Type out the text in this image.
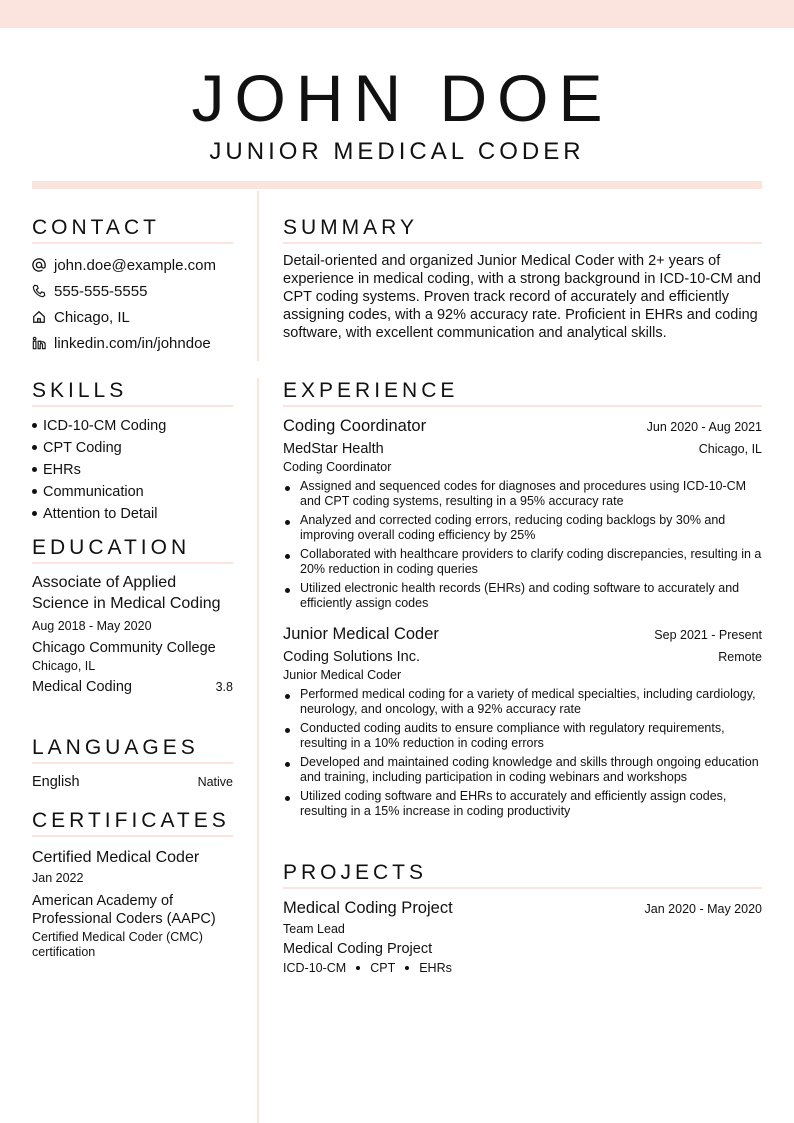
JOHN DOE
JUNIOR MEDICAL CODER
CONTACT
john.doe@example.com
555-555-5555
Chicago, IL
linkedin.com/in/johndoe
SKILLS
ICD-10-CM Coding
CPT Coding
EHRs
Communication
Attention to Detail
EDUCATION
Associate of Applied Science in Medical Coding
Aug 2018 - May 2020
Chicago Community College
Chicago, IL
Medical Coding	3.8
LANGUAGES
English	Native
CERTIFICATES
Certified Medical Coder
Jan 2022
American Academy of Professional Coders (AAPC)
Certified Medical Coder (CMC) certification
SUMMARY
Detail-oriented and organized Junior Medical Coder with 2+ years of experience in medical coding, with a strong background in ICD-10-CM and CPT coding systems. Proven track record of accurately and efficiently assigning codes, with a 92% accuracy rate. Proficient in EHRs and coding software, with excellent communication and analytical skills.
EXPERIENCE
Coding Coordinator	Jun 2020 - Aug 2021
MedStar Health	Chicago, IL
Coding Coordinator
Assigned and sequenced codes for diagnoses and procedures using ICD-10-CM and CPT coding systems, resulting in a 95% accuracy rate
Analyzed and corrected coding errors, reducing coding backlogs by 30% and improving overall coding efficiency by 25%
Collaborated with healthcare providers to clarify coding discrepancies, resulting in a 20% reduction in coding queries
Utilized electronic health records (EHRs) and coding software to accurately and efficiently assign codes
Junior Medical Coder	Sep 2021 - Present
Coding Solutions Inc.	Remote
Junior Medical Coder
Performed medical coding for a variety of medical specialties, including cardiology, neurology, and oncology, with a 92% accuracy rate
Conducted coding audits to ensure compliance with regulatory requirements, resulting in a 10% reduction in coding errors
Developed and maintained coding knowledge and skills through ongoing education and training, including participation in coding webinars and workshops
Utilized coding software and EHRs to accurately and efficiently assign codes, resulting in a 15% increase in coding productivity
PROJECTS
Medical Coding Project	Jan 2020 - May 2020
Team Lead
Medical Coding Project
ICD-10-CM CPT EHRs
